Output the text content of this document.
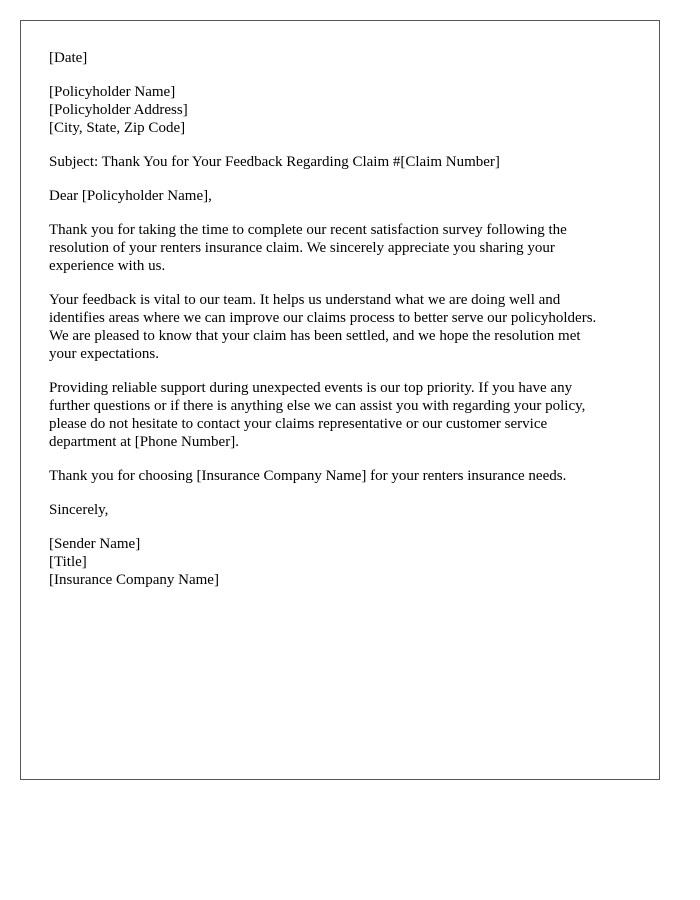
[Date]
[Policyholder Name]
[Policyholder Address]
[City, State, Zip Code]
Subject: Thank You for Your Feedback Regarding Claim #[Claim Number]
Dear [Policyholder Name],
Thank you for taking the time to complete our recent satisfaction survey following the
resolution of your renters insurance claim. We sincerely appreciate you sharing your
experience with us.
Your feedback is vital to our team. It helps us understand what we are doing well and
identifies areas where we can improve our claims process to better serve our policyholders.
We are pleased to know that your claim has been settled, and we hope the resolution met
your expectations.
Providing reliable support during unexpected events is our top priority. If you have any
further questions or if there is anything else we can assist you with regarding your policy,
please do not hesitate to contact your claims representative or our customer service
department at [Phone Number].
Thank you for choosing [Insurance Company Name] for your renters insurance needs.
Sincerely,
[Sender Name]
[Title]
[Insurance Company Name]
